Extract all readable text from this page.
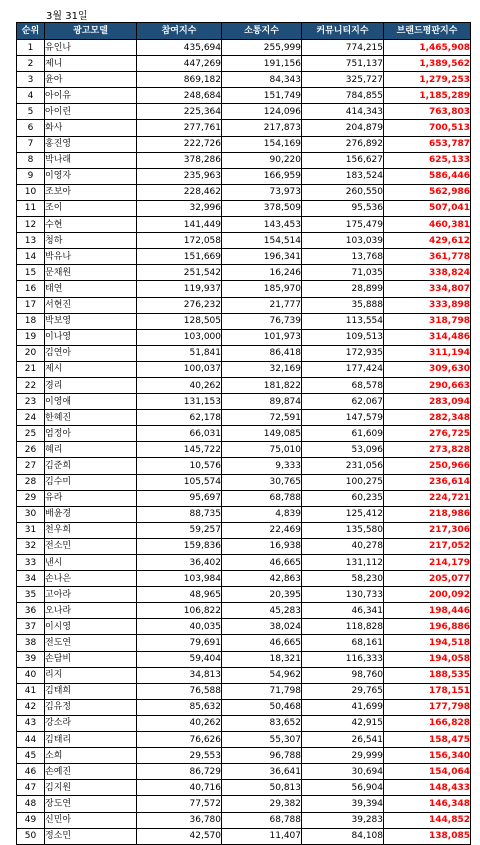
3월 31일
순위	광고모델	참여지수	소통지수	커뮤니티지수	브랜드평판지수
1	유인나	435,694	255,999	774,215	1,465,908
2	제니	447,269	191,156	751,137	1,389,562
3	윤아	869,182	84,343	325,727	1,279,253
4	아이유	248,684	151,749	784,855	1,185,289
5	아이린	225,364	124,096	414,343	763,803
6	화사	277,761	217,873	204,879	700,513
7	홍진영	222,726	154,169	276,892	653,787
8	박나래	378,286	90,220	156,627	625,133
9	이영자	235,963	166,959	183,524	586,446
10	조보아	228,462	73,973	260,550	562,986
11	조이	32,996	378,509	95,536	507,041
12	수현	141,449	143,453	175,479	460,381
13	청하	172,058	154,514	103,039	429,612
14	박유나	151,669	196,341	13,768	361,778
15	문채원	251,542	16,246	71,035	338,824
16	태연	119,937	185,970	28,899	334,807
17	서현진	276,232	21,777	35,888	333,898
18	박보영	128,505	76,739	113,554	318,798
19	이나영	103,000	101,973	109,513	314,486
20	김연아	51,841	86,418	172,935	311,194
21	제시	100,037	32,169	177,424	309,630
22	경리	40,262	181,822	68,578	290,663
23	이영애	131,153	89,874	62,067	283,094
24	한혜진	62,178	72,591	147,579	282,348
25	엄정아	66,031	149,085	61,609	276,725
26	혜리	145,722	75,010	53,096	273,828
27	김준희	10,576	9,333	231,056	250,966
28	김수미	105,574	30,765	100,275	236,614
29	유라	95,697	68,788	60,235	224,721
30	배윤경	88,735	4,839	125,412	218,986
31	천우희	59,257	22,469	135,580	217,306
32	전소민	159,836	16,938	40,278	217,052
33	낸시	36,402	46,665	131,112	214,179
34	손나은	103,984	42,863	58,230	205,077
35	고아라	48,965	20,395	130,733	200,092
36	오나라	106,822	45,283	46,341	198,446
37	이시영	40,035	38,024	118,828	196,886
38	전도연	79,691	46,665	68,161	194,518
39	손담비	59,404	18,321	116,333	194,058
40	리지	34,813	54,962	98,760	188,535
41	김태희	76,588	71,798	29,765	178,151
42	김유정	85,632	50,468	41,699	177,798
43	강소라	40,262	83,652	42,915	166,828
44	김태리	76,626	55,307	26,541	158,475
45	소희	29,553	96,788	29,999	156,340
46	손예진	86,729	36,641	30,694	154,064
47	김지원	40,716	50,813	56,904	148,433
48	장도연	77,572	29,382	39,394	146,348
49	신민아	36,780	68,788	39,283	144,852
50	정소민	42,570	11,407	84,108	138,085
